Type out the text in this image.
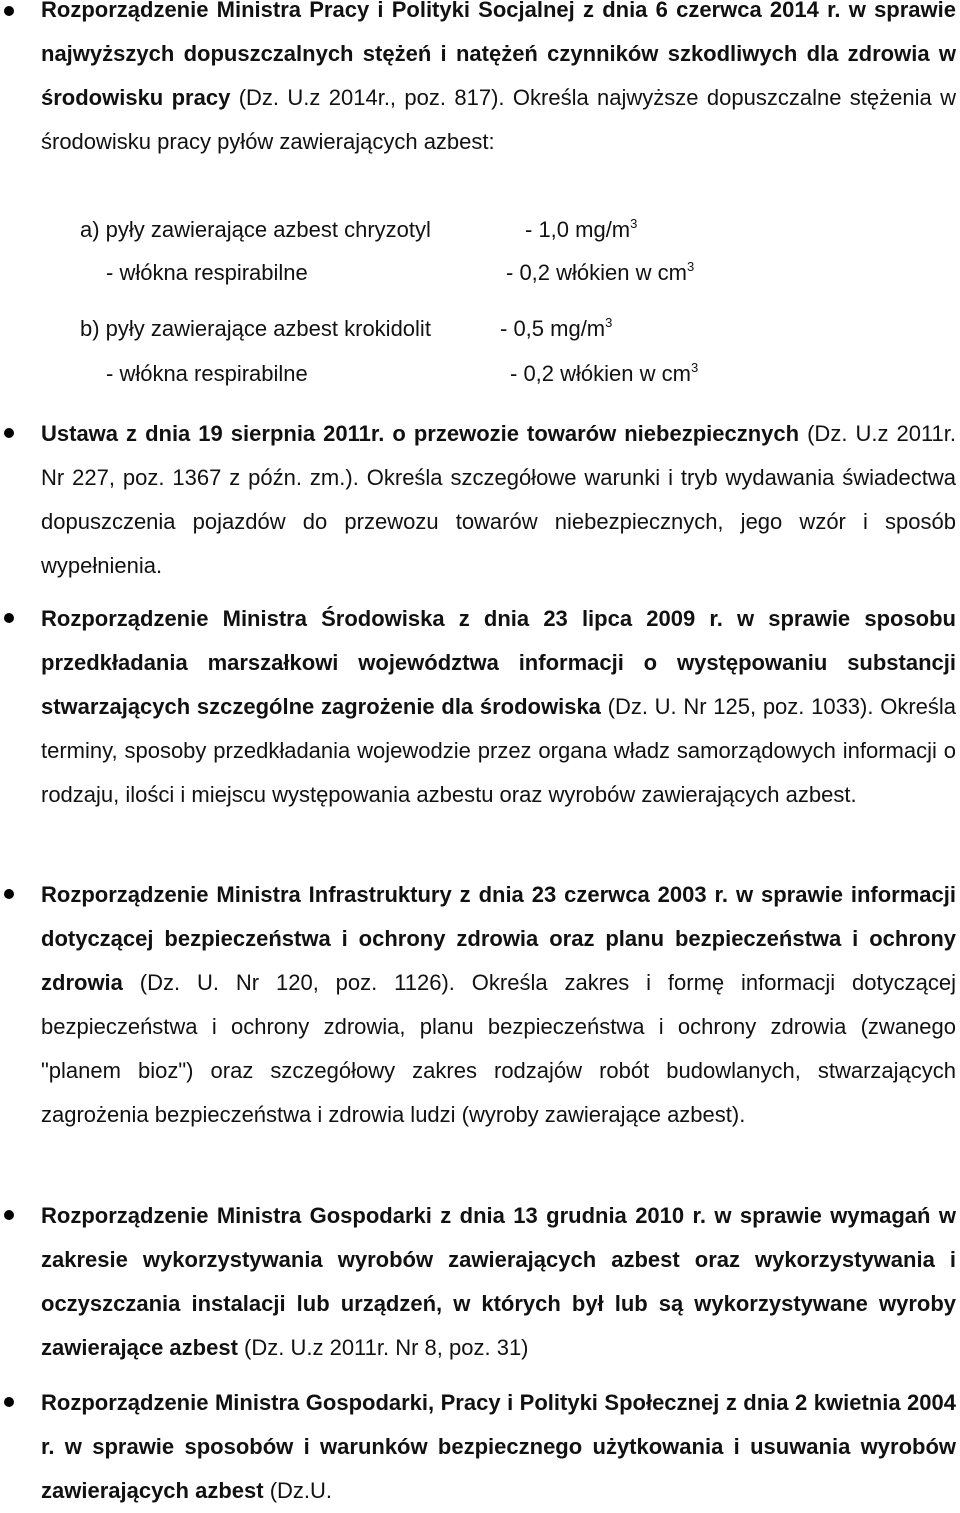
Rozporządzenie Ministra Pracy i Polityki Socjalnej z dnia 6 czerwca 2014 r. w sprawie najwyższych dopuszczalnych stężeń i natężeń czynników szkodliwych dla zdrowia w środowisku pracy (Dz. U.z 2014r., poz. 817). Określa najwyższe dopuszczalne stężenia w środowisku pracy pyłów zawierających azbest:
a) pyły zawierające azbest chryzotyl	- 1,0 $mg/m^3$
- włókna respirabilne	- 0,2 włókien w $cm^3$
b) pyły zawierające azbest krokidolit	- 0,5 $mg/m^3$
- włókna respirabilne	- 0,2 włókien w $cm^3$
Ustawa z dnia 19 sierpnia 2011r. o przewozie towarów niebezpiecznych (Dz. U.z 2011r. Nr 227, poz. 1367 z późn. zm.). Określa szczegółowe warunki i tryb wydawania świadectwa dopuszczenia pojazdów do przewozu towarów niebezpiecznych, jego wzór i sposób wypełnienia.
Rozporządzenie Ministra Środowiska z dnia 23 lipca 2009 r. w sprawie sposobu przedkładania marszałkowi województwa informacji o występowaniu substancji stwarzających szczególne zagrożenie dla środowiska (Dz. U. Nr 125, poz. 1033). Określa terminy, sposoby przedkładania wojewodzie przez organa władz samorządowych informacji o rodzaju, ilości i miejscu występowania azbestu oraz wyrobów zawierających azbest.
Rozporządzenie Ministra Infrastruktury z dnia 23 czerwca 2003 r. w sprawie informacji dotyczącej bezpieczeństwa i ochrony zdrowia oraz planu bezpieczeństwa i ochrony zdrowia (Dz. U. Nr 120, poz. 1126). Określa zakres i formę informacji dotyczącej bezpieczeństwa i ochrony zdrowia, planu bezpieczeństwa i ochrony zdrowia (zwanego "planem bioz") oraz szczegółowy zakres rodzajów robót budowlanych, stwarzających zagrożenia bezpieczeństwa i zdrowia ludzi (wyroby zawierające azbest).
Rozporządzenie Ministra Gospodarki z dnia 13 grudnia 2010 r. w sprawie wymagań w zakresie wykorzystywania wyrobów zawierających azbest oraz wykorzystywania i oczyszczania instalacji lub urządzeń, w których był lub są wykorzystywane wyroby zawierające azbest (Dz. U.z 2011r. Nr 8, poz. 31)
Rozporządzenie Ministra Gospodarki, Pracy i Polityki Społecznej z dnia 2 kwietnia 2004 r. w sprawie sposobów i warunków bezpiecznego użytkowania i usuwania wyrobów zawierających azbest (Dz.U.
